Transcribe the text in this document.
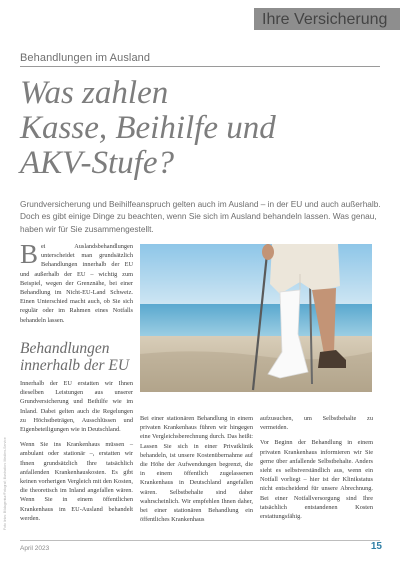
Ihre Versicherung
Behandlungen im Ausland
Was zahlen
Kasse, Beihilfe und
AKV-Stufe?
Grundversicherung und Beihilfeanspruch gelten auch im Ausland – in der EU und auch außerhalb. Doch es gibt einige Dinge zu beachten, wenn Sie sich im Ausland behandeln lassen. Was genau, haben wir für Sie zusammengestellt.
Bei Auslandsbehandlungen unterscheidet man grundsätzlich Behandlungen innerhalb der EU und außerhalb der EU – wichtig zum Beispiel, wegen der Grenznähe, bei einer Behandlung im Nicht-EU-Land Schweiz. Einen Unterschied macht auch, ob Sie sich regulär oder im Rahmen eines Notfalls behandeln lassen.
Behandlungen innerhalb der EU

Innerhalb der EU erstatten wir Ihnen dieselben Leistungen aus unserer Grundversicherung und Beihilfe wie im Inland. Dabei gelten auch die Regelungen zu Höchstbeträgen, Ausschlüssen und Eigenbeteiligungen wie in Deutschland.

Wenn Sie ins Krankenhaus müssen – ambulant oder stationär –, erstatten wir Ihnen grundsätzlich Ihre tatsächlich anfallenden Krankenhauskosten. Es gibt keinen vorherigen Vergleich mit den Kosten, die theoretisch im Inland angefallen wären. Wenn Sie in einem öffentlichen Krankenhaus im EU-Ausland behandelt werden.

Bei einer stationären Behandlung in einem privaten Krankenhaus führen wir hingegen eine Vergleichsberechnung durch. Das heißt: Lassen Sie sich in einer Privatklinik behandeln, ist unsere Kostenübernahme auf die Höhe der Aufwendungen begrenzt, die in einem öffentlich zugelassenen Krankenhaus in Deutschland angefallen wären. Selbstbehalte sind daher wahrscheinlich. Wir empfehlen Ihnen daher, bei einer stationären Behandlung ein öffentliches Krankenhaus

aufzusuchen, um Selbstbehalte zu vermeiden.

Vor Beginn der Behandlung in einem privaten Krankenhaus informieren wir Sie gerne über anfallende Selbstbehalte. Anders sieht es selbstverständlich aus, wenn ein Notfall vorliegt – hier ist der Klinikstatus nicht entscheidend für unsere Abrechnung. Bei einer Notfallversorgung sind Ihre tatsächlich entstandenen Kosten erstattungsfähig.

Foto links: Bildagentur/Fotograf; Illustration: Medien-Service
April 2023	15
